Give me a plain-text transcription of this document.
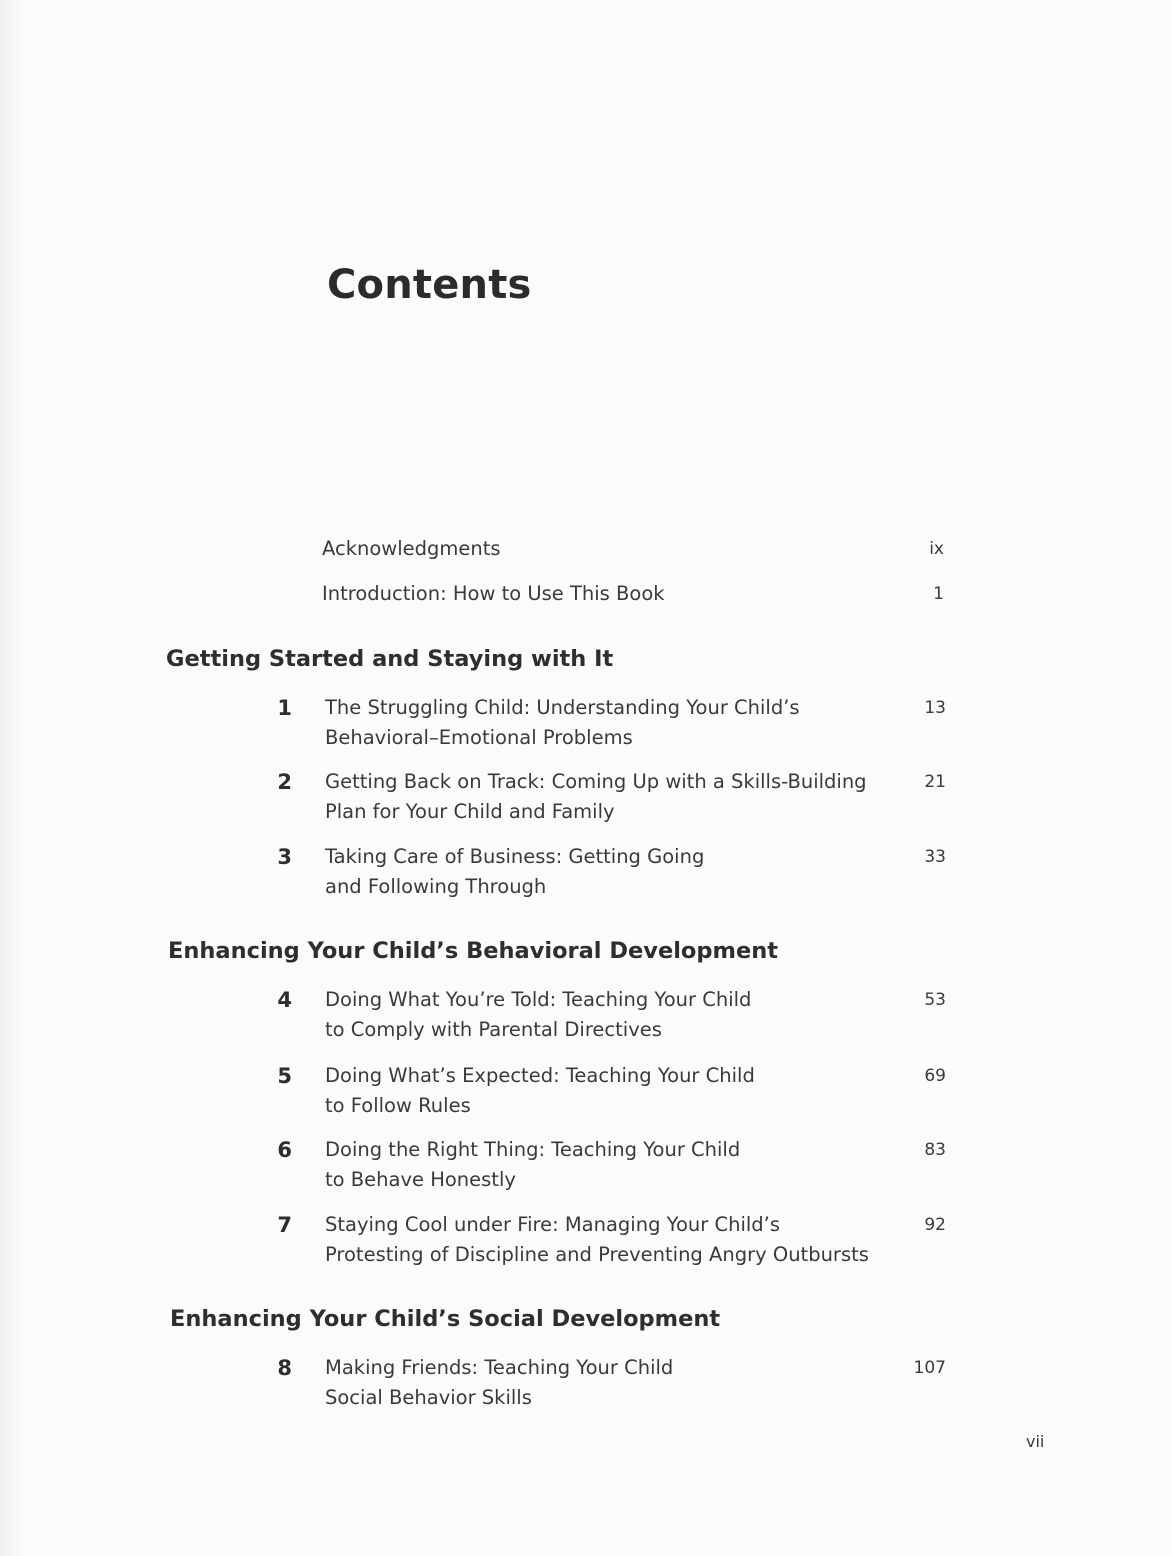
Contents
Acknowledgments	ix
Introduction: How to Use This Book	1
Getting Started and Staying with It
1 The Struggling Child: Understanding Your Child’s
Behavioral–Emotional Problems
13
2 Getting Back on Track: Coming Up with a Skills-Building
Plan for Your Child and Family
21
3 Taking Care of Business: Getting Going
and Following Through
33
Enhancing Your Child’s Behavioral Development
4 Doing What You’re Told: Teaching Your Child
to Comply with Parental Directives
53
5 Doing What’s Expected: Teaching Your Child
to Follow Rules
69
6 Doing the Right Thing: Teaching Your Child
to Behave Honestly
83
7 Staying Cool under Fire: Managing Your Child’s
Protesting of Discipline and Preventing Angry Outbursts
92
Enhancing Your Child’s Social Development
8 Making Friends: Teaching Your Child
Social Behavior Skills
107
vii
